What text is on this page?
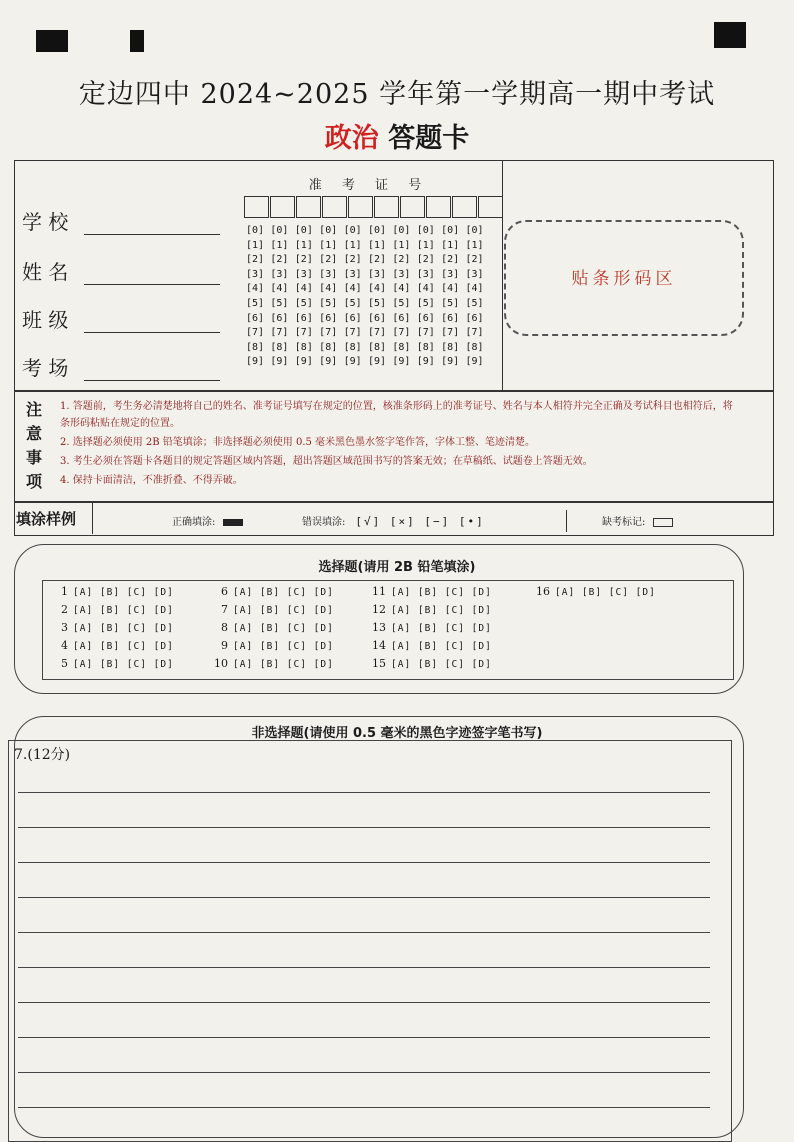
定边四中 2024~2025 学年第一学期高一期中考试
政治 答题卡
贴条形码区
学 校
姓 名
班 级
考 场
准 考 证 号
[0] [0] [0] [0] [0] [0] [0] [0] [0] [0]
[1] [1] [1] [1] [1] [1] [1] [1] [1] [1]
[2] [2] [2] [2] [2] [2] [2] [2] [2] [2]
[3] [3] [3] [3] [3] [3] [3] [3] [3] [3]
[4] [4] [4] [4] [4] [4] [4] [4] [4] [4]
[5] [5] [5] [5] [5] [5] [5] [5] [5] [5]
[6] [6] [6] [6] [6] [6] [6] [6] [6] [6]
[7] [7] [7] [7] [7] [7] [7] [7] [7] [7]
[8] [8] [8] [8] [8] [8] [8] [8] [8] [8]
[9] [9] [9] [9] [9] [9] [9] [9] [9] [9]
注意事项
1. 答题前，考生务必清楚地将自己的姓名、准考证号填写在规定的位置，核准条形码上的准考证号、姓名与本人相符并完全正确及考试科目也相符后，将条形码粘贴在规定的位置。
2. 选择题必须使用 2B 铅笔填涂；非选择题必须使用 0.5 毫米黑色墨水签字笔作答，字体工整、笔迹清楚。
3. 考生必须在答题卡各题目的规定答题区域内答题，超出答题区域范围书写的答案无效；在草稿纸、试题卷上答题无效。
4. 保持卡面清洁，不准折叠、不得弄破。
填涂样例	正确填涂:	错误填涂: [√] [×] [−] [•]	缺考标记:
选择题(请用 2B 铅笔填涂)
1 [A] [B] [C] [D]
2 [A] [B] [C] [D]
3 [A] [B] [C] [D]
4 [A] [B] [C] [D]
5 [A] [B] [C] [D]
6 [A] [B] [C] [D]
7 [A] [B] [C] [D]
8 [A] [B] [C] [D]
9 [A] [B] [C] [D]
10 [A] [B] [C] [D]
11 [A] [B] [C] [D]
12 [A] [B] [C] [D]
13 [A] [B] [C] [D]
14 [A] [B] [C] [D]
15 [A] [B] [C] [D]
16 [A] [B] [C] [D]
非选择题(请使用 0.5 毫米的黑色字迹签字笔书写)
7.(12分)
